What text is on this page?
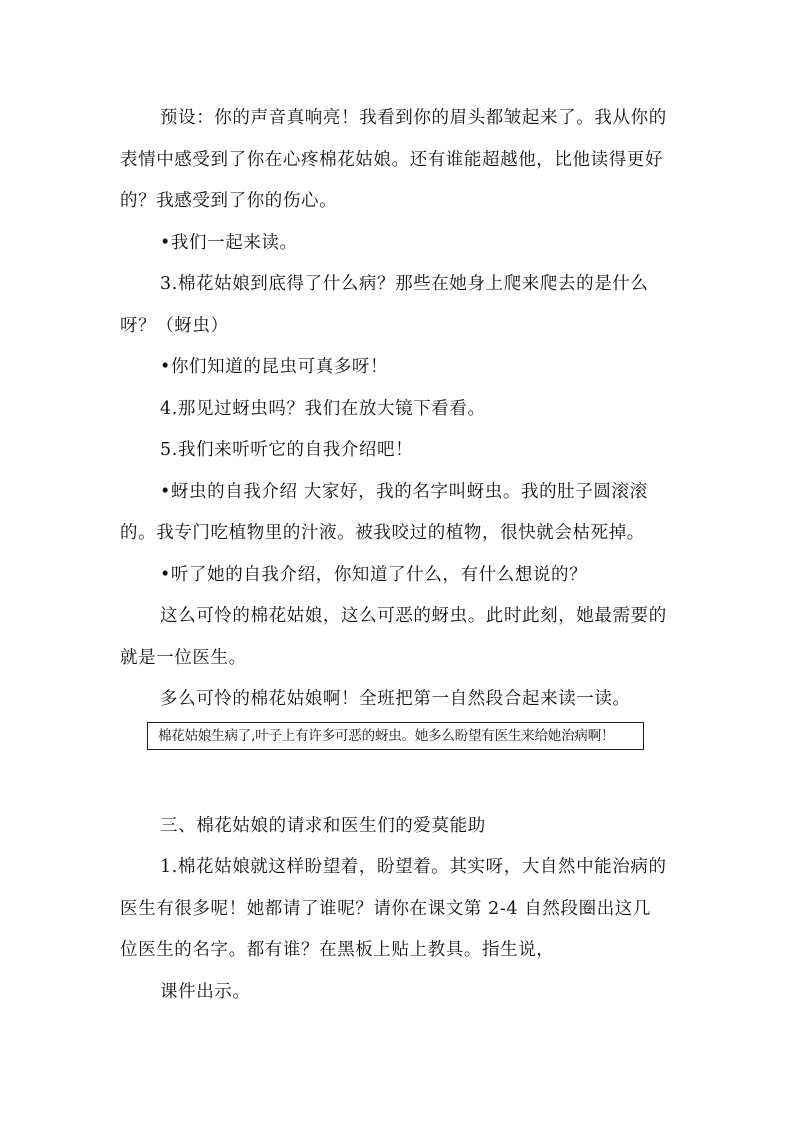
预设：你的声音真响亮！我看到你的眉头都皱起来了。我从你的
表情中感受到了你在心疼棉花姑娘。还有谁能超越他，比他读得更好
的？我感受到了你的伤心。
•我们一起来读。
3.棉花姑娘到底得了什么病？那些在她身上爬来爬去的是什么
呀？（蚜虫）
•你们知道的昆虫可真多呀！
4.那见过蚜虫吗？我们在放大镜下看看。
5.我们来听听它的自我介绍吧！
•蚜虫的自我介绍 大家好，我的名字叫蚜虫。我的肚子圆滚滚
的。我专门吃植物里的汁液。被我咬过的植物，很快就会枯死掉。
•听了她的自我介绍，你知道了什么，有什么想说的？
这么可怜的棉花姑娘，这么可恶的蚜虫。此时此刻，她最需要的
就是一位医生。
多么可怜的棉花姑娘啊！全班把第一自然段合起来读一读。
棉花姑娘生病了,叶子上有许多可恶的蚜虫。她多么盼望有医生来给她治病啊！
三、棉花姑娘的请求和医生们的爱莫能助
1.棉花姑娘就这样盼望着，盼望着。其实呀，大自然中能治病的
医生有很多呢！她都请了谁呢？请你在课文第 2-4 自然段圈出这几
位医生的名字。都有谁？在黑板上贴上教具。指生说，
课件出示。
